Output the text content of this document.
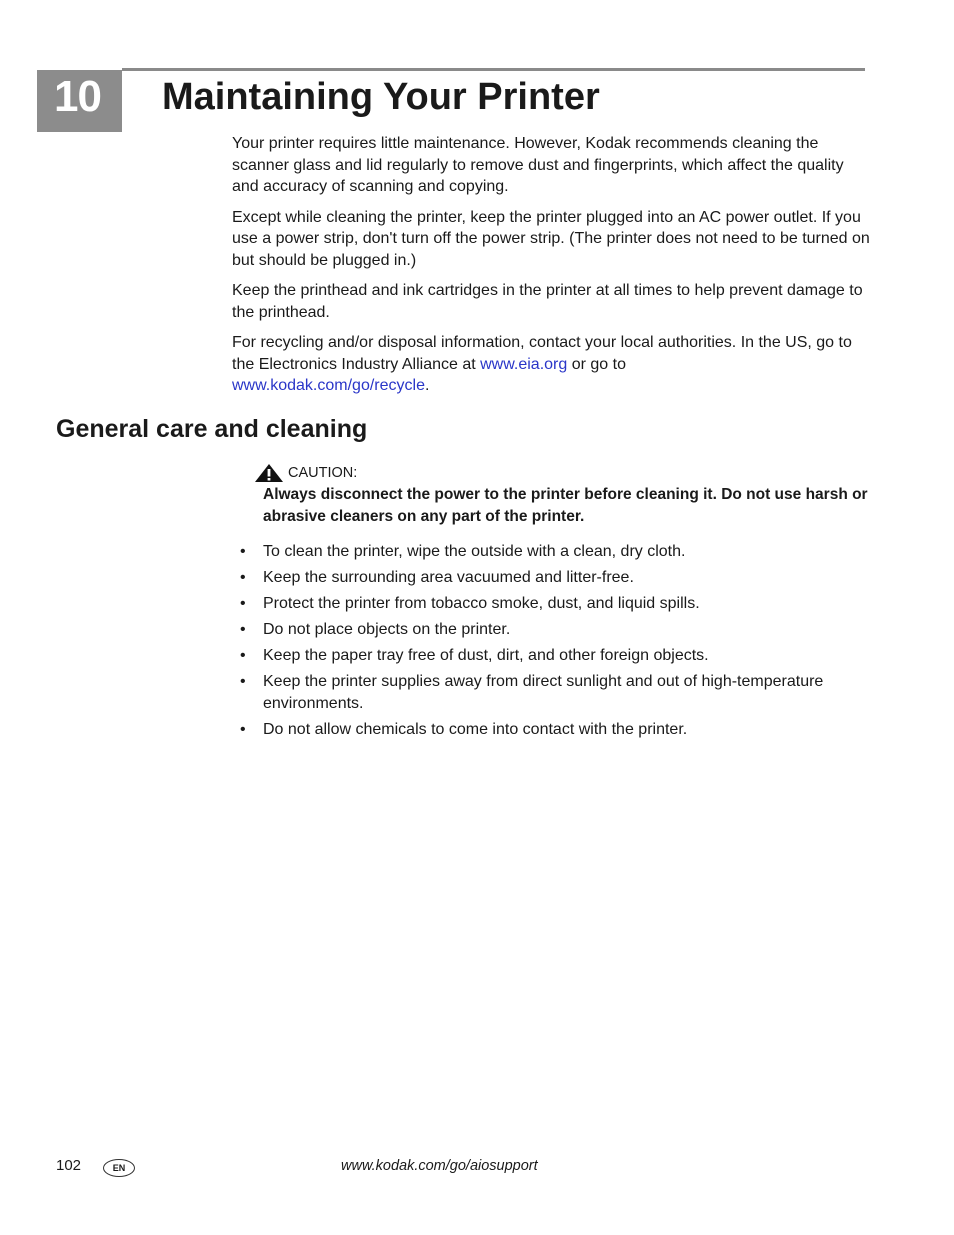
10	Maintaining Your Printer

Your printer requires little maintenance. However, Kodak recommends cleaning the scanner glass and lid regularly to remove dust and fingerprints, which affect the quality and accuracy of scanning and copying.

Except while cleaning the printer, keep the printer plugged into an AC power outlet. If you use a power strip, don't turn off the power strip. (The printer does not need to be turned on but should be plugged in.)

Keep the printhead and ink cartridges in the printer at all times to help prevent damage to the printhead.

For recycling and/or disposal information, contact your local authorities. In the US, go to the Electronics Industry Alliance at www.eia.org or go to
www.kodak.com/go/recycle.

General care and cleaning
CAUTION:

Always disconnect the power to the printer before cleaning it. Do not use harsh or abrasive cleaners on any part of the printer.

• To clean the printer, wipe the outside with a clean, dry cloth.
• Keep the surrounding area vacuumed and litter-free.
• Protect the printer from tobacco smoke, dust, and liquid spills.
• Do not place objects on the printer.
• Keep the paper tray free of dust, dirt, and other foreign objects.
• Keep the printer supplies away from direct sunlight and out of high-temperature environments.
• Do not allow chemicals to come into contact with the printer.
102	EN	www.kodak.com/go/aiosupport
